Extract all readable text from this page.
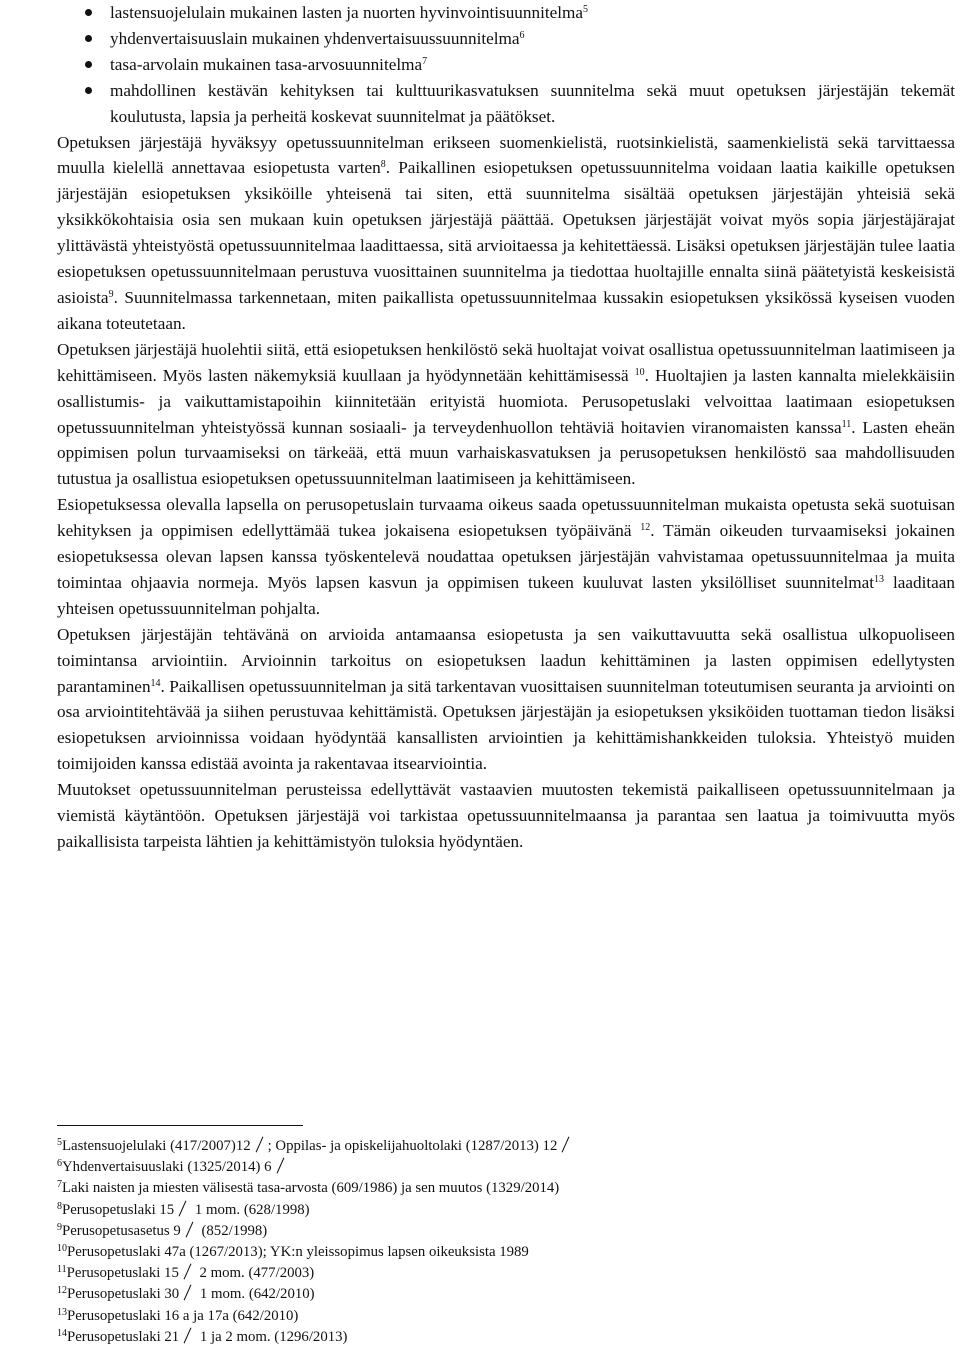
lastensuojelulain mukainen lasten ja nuorten hyvinvointisuunnitelma$^5$
yhdenvertaisuuslain mukainen yhdenvertaisuussuunnitelma$^6$
tasa-arvolain mukainen tasa-arvosuunnitelma$^7$
mahdollinen kestävän kehityksen tai kulttuurikasvatuksen suunnitelma sekä muut opetuksen järjestäjän tekemät koulutusta, lapsia ja perheitä koskevat suunnitelmat ja päätökset.

Opetuksen järjestäjä hyväksyy opetussuunnitelman erikseen suomenkielistä, ruotsinkielistä, saamenkielistä sekä tarvittaessa muulla kielellä annettavaa esiopetusta varten$^8$. Paikallinen esiopetuksen opetussuunnitelma voidaan laatia kaikille opetuksen järjestäjän esiopetuksen yksiköille yhteisenä tai siten, että suunnitelma sisältää opetuksen järjestäjän yhteisiä sekä yksikkökohtaisia osia sen mukaan kuin opetuksen järjestäjä päättää. Opetuksen järjestäjät voivat myös sopia järjestäjärajat ylittävästä yhteistyöstä opetussuunnitelmaa laadittaessa, sitä arvioitaessa ja kehitettäessä. Lisäksi opetuksen järjestäjän tulee laatia esiopetuksen opetussuunnitelmaan perustuva vuosittainen suunnitelma ja tiedottaa huoltajille ennalta siinä päätetyistä keskeisistä asioista$^9$. Suunnitelmassa tarkennetaan, miten paikallista opetussuunnitelmaa kussakin esiopetuksen yksikössä kyseisen vuoden aikana toteutetaan.

Opetuksen järjestäjä huolehtii siitä, että esiopetuksen henkilöstö sekä huoltajat voivat osallistua opetussuunnitelman laatimiseen ja kehittämiseen. Myös lasten näkemyksiä kuullaan ja hyödynnetään kehittämisessä $^{10}$. Huoltajien ja lasten kannalta mielekkäisiin osallistumis- ja vaikuttamistapoihin kiinnitetään erityistä huomiota. Perusopetuslaki velvoittaa laatimaan esiopetuksen opetussuunnitelman yhteistyössä kunnan sosiaali- ja terveydenhuollon tehtäviä hoitavien viranomaisten kanssa$^{11}$. Lasten eheän oppimisen polun turvaamiseksi on tärkeää, että muun varhaiskasvatuksen ja perusopetuksen henkilöstö saa mahdollisuuden tutustua ja osallistua esiopetuksen opetussuunnitelman laatimiseen ja kehittämiseen.

Esiopetuksessa olevalla lapsella on perusopetuslain turvaama oikeus saada opetussuunnitelman mukaista opetusta sekä suotuisan kehityksen ja oppimisen edellyttämää tukea jokaisena esiopetuksen työpäivänä $^{12}$. Tämän oikeuden turvaamiseksi jokainen esiopetuksessa olevan lapsen kanssa työskentelevä noudattaa opetuksen järjestäjän vahvistamaa opetussuunnitelmaa ja muita toimintaa ohjaavia normeja. Myös lapsen kasvun ja oppimisen tukeen kuuluvat lasten yksilölliset suunnitelmat$^{13}$ laaditaan yhteisen opetussuunnitelman pohjalta.

Opetuksen järjestäjän tehtävänä on arvioida antamaansa esiopetusta ja sen vaikuttavuutta sekä osallistua ulkopuoliseen toimintansa arviointiin. Arvioinnin tarkoitus on esiopetuksen laadun kehittäminen ja lasten oppimisen edellytysten parantaminen$^{14}$. Paikallisen opetussuunnitelman ja sitä tarkentavan vuosittaisen suunnitelman toteutumisen seuranta ja arviointi on osa arviointitehtävää ja siihen perustuvaa kehittämistä. Opetuksen järjestäjän ja esiopetuksen yksiköiden tuottaman tiedon lisäksi esiopetuksen arvioinnissa voidaan hyödyntää kansallisten arviointien ja kehittämishankkeiden tuloksia. Yhteistyö muiden toimijoiden kanssa edistää avointa ja rakentavaa itsearviointia.

Muutokset opetussuunnitelman perusteissa edellyttävät vastaavien muutosten tekemistä paikalliseen opetussuunnitelmaan ja viemistä käytäntöön. Opetuksen järjestäjä voi tarkistaa opetussuunnitelmaansa ja parantaa sen laatua ja toimivuutta myös paikallisista tarpeista lähtien ja kehittämistyön tuloksia hyödyntäen.

$^5$Lastensuojelulaki (417/2007)12 ; Oppilas- ja opiskelijahuoltolaki (1287/2013) 12
$^6$Yhdenvertaisuuslaki (1325/2014) 6
$^7$Laki naisten ja miesten välisestä tasa-arvosta (609/1986) ja sen muutos (1329/2014)
$^8$Perusopetuslaki 15 1 mom. (628/1998)
$^9$Perusopetusasetus 9 (852/1998)
$^{10}$Perusopetuslaki 47a (1267/2013); YK:n yleissopimus lapsen oikeuksista 1989
$^{11}$Perusopetuslaki 15 2 mom. (477/2003)
$^{12}$Perusopetuslaki 30 1 mom. (642/2010)
$^{13}$Perusopetuslaki 16 a ja 17a (642/2010)
$^{14}$Perusopetuslaki 21 1 ja 2 mom. (1296/2013)
